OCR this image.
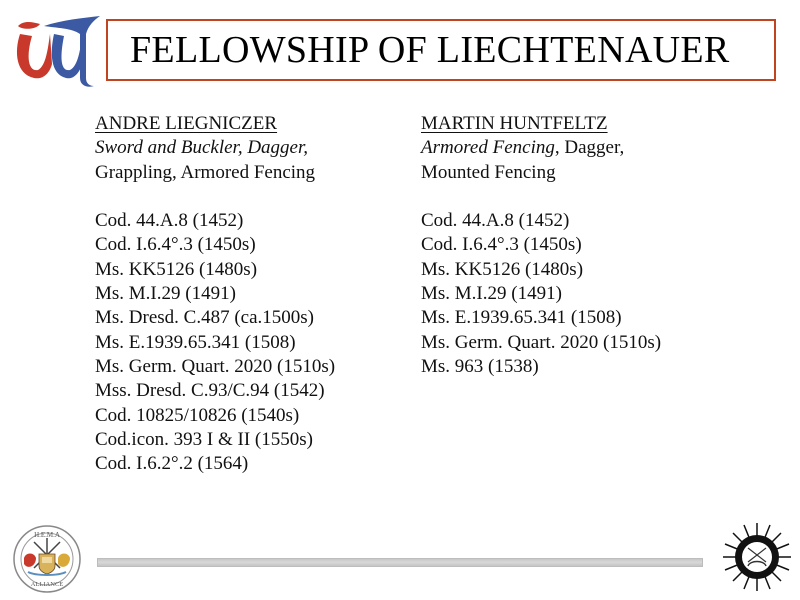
FELLOWSHIP OF LIECHTENAUER
ANDRE LIEGNICZER
Sword and Buckler, Dagger,
Grappling, Armored Fencing
Cod. 44.A.8 (1452)
Cod. I.6.4°.3 (1450s)
Ms. KK5126 (1480s)
Ms. M.I.29 (1491)
Ms. Dresd. C.487 (ca.1500s)
Ms. E.1939.65.341 (1508)
Ms. Germ. Quart. 2020 (1510s)
Mss. Dresd. C.93/C.94 (1542)
Cod. 10825/10826 (1540s)
Cod.icon. 393 I & II (1550s)
Cod. I.6.2°.2 (1564)
MARTIN HUNTFELTZ
Armored Fencing, Dagger,
Mounted Fencing
Cod. 44.A.8 (1452)
Cod. I.6.4°.3 (1450s)
Ms. KK5126 (1480s)
Ms. M.I.29 (1491)
Ms. E.1939.65.341 (1508)
Ms. Germ. Quart. 2020 (1510s)
Ms. 963 (1538)
H.E.M.A
ALLIANCE
